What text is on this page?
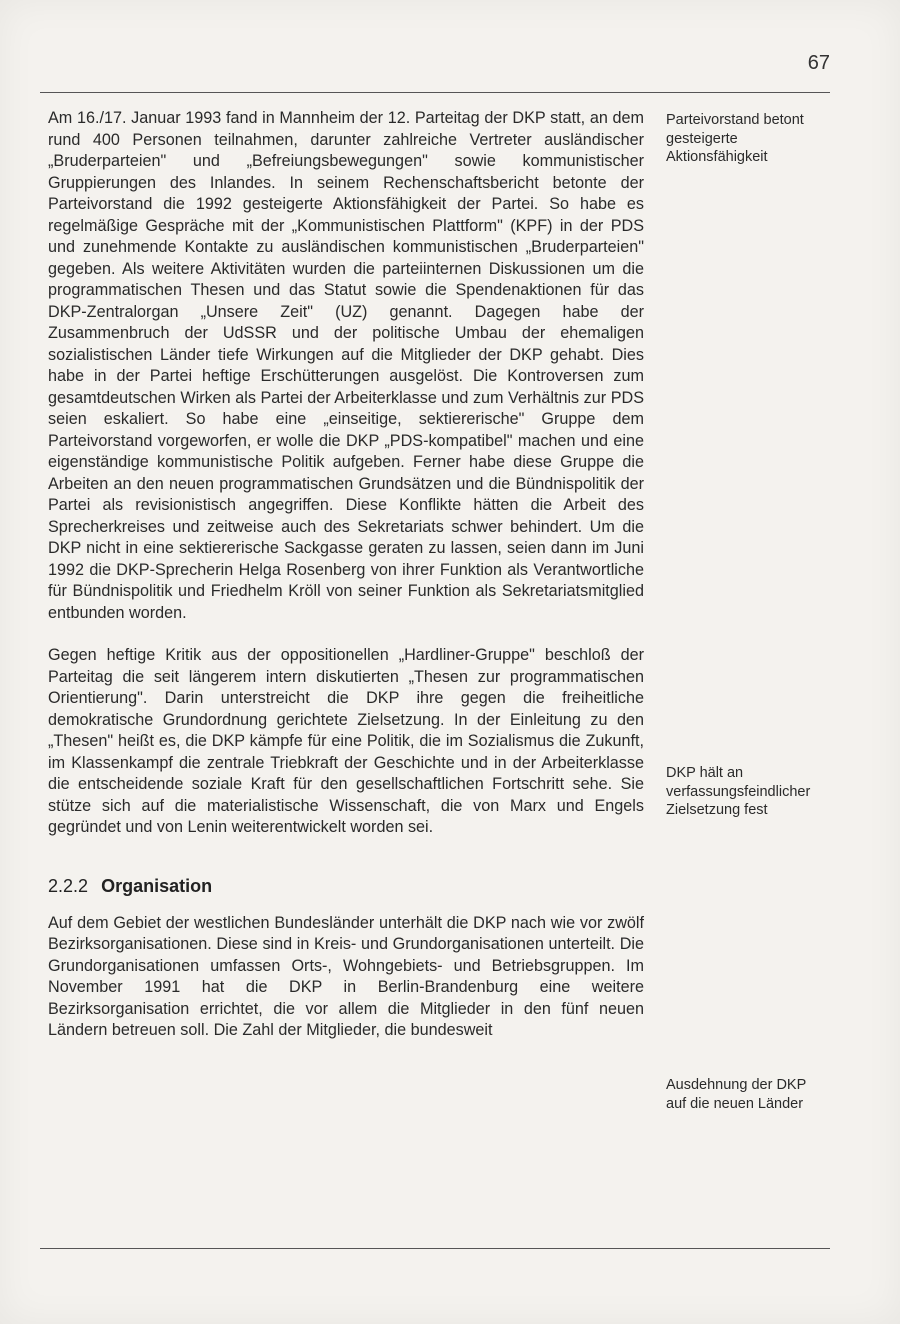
67

Am 16./17. Januar 1993 fand in Mannheim der 12. Parteitag der DKP statt, an dem rund 400 Personen teilnahmen, darunter zahlreiche Vertreter ausländischer „Bruderparteien" und „Befreiungsbewegungen" sowie kommunistischer Gruppierungen des Inlandes. In seinem Rechenschaftsbericht betonte der Parteivorstand die 1992 gesteigerte Aktionsfähigkeit der Partei. So habe es regelmäßige Gespräche mit der „Kommunistischen Plattform" (KPF) in der PDS und zunehmende Kontakte zu ausländischen kommunistischen „Bruderparteien" gegeben. Als weitere Aktivitäten wurden die parteiinternen Diskussionen um die programmatischen Thesen und das Statut sowie die Spendenaktionen für das DKP-Zentralorgan „Unsere Zeit" (UZ) genannt. Dagegen habe der Zusammenbruch der UdSSR und der politische Umbau der ehemaligen sozialistischen Länder tiefe Wirkungen auf die Mitglieder der DKP gehabt. Dies habe in der Partei heftige Erschütterungen ausgelöst. Die Kontroversen zum gesamtdeutschen Wirken als Partei der Arbeiterklasse und zum Verhältnis zur PDS seien eskaliert. So habe eine „einseitige, sektiererische" Gruppe dem Parteivorstand vorgeworfen, er wolle die DKP „PDS-kompatibel" machen und eine eigenständige kommunistische Politik aufgeben. Ferner habe diese Gruppe die Arbeiten an den neuen programmatischen Grundsätzen und die Bündnispolitik der Partei als revisionistisch angegriffen. Diese Konflikte hätten die Arbeit des Sprecherkreises und zeitweise auch des Sekretariats schwer behindert. Um die DKP nicht in eine sektiererische Sackgasse geraten zu lassen, seien dann im Juni 1992 die DKP-Sprecherin Helga Rosenberg von ihrer Funktion als Verantwortliche für Bündnispolitik und Friedhelm Kröll von seiner Funktion als Sekretariatsmitglied entbunden worden.

Gegen heftige Kritik aus der oppositionellen „Hardliner-Gruppe" beschloß der Parteitag die seit längerem intern diskutierten „Thesen zur programmatischen Orientierung". Darin unterstreicht die DKP ihre gegen die freiheitliche demokratische Grundordnung gerichtete Zielsetzung. In der Einleitung zu den „Thesen" heißt es, die DKP kämpfe für eine Politik, die im Sozialismus die Zukunft, im Klassenkampf die zentrale Triebkraft der Geschichte und in der Arbeiterklasse die entscheidende soziale Kraft für den gesellschaftlichen Fortschritt sehe. Sie stütze sich auf die materialistische Wissenschaft, die von Marx und Engels gegründet und von Lenin weiterentwickelt worden sei.

2.2.2 Organisation

Auf dem Gebiet der westlichen Bundesländer unterhält die DKP nach wie vor zwölf Bezirksorganisationen. Diese sind in Kreis- und Grundorganisationen unterteilt. Die Grundorganisationen umfassen Orts-, Wohngebiets- und Betriebsgruppen. Im November 1991 hat die DKP in Berlin-Brandenburg eine weitere Bezirksorganisation errichtet, die vor allem die Mitglieder in den fünf neuen Ländern betreuen soll. Die Zahl der Mitglieder, die bundesweit

Parteivorstand betont gesteigerte Aktionsfähigkeit
DKP hält an verfassungsfeindlicher Zielsetzung fest
Ausdehnung der DKP auf die neuen Länder
